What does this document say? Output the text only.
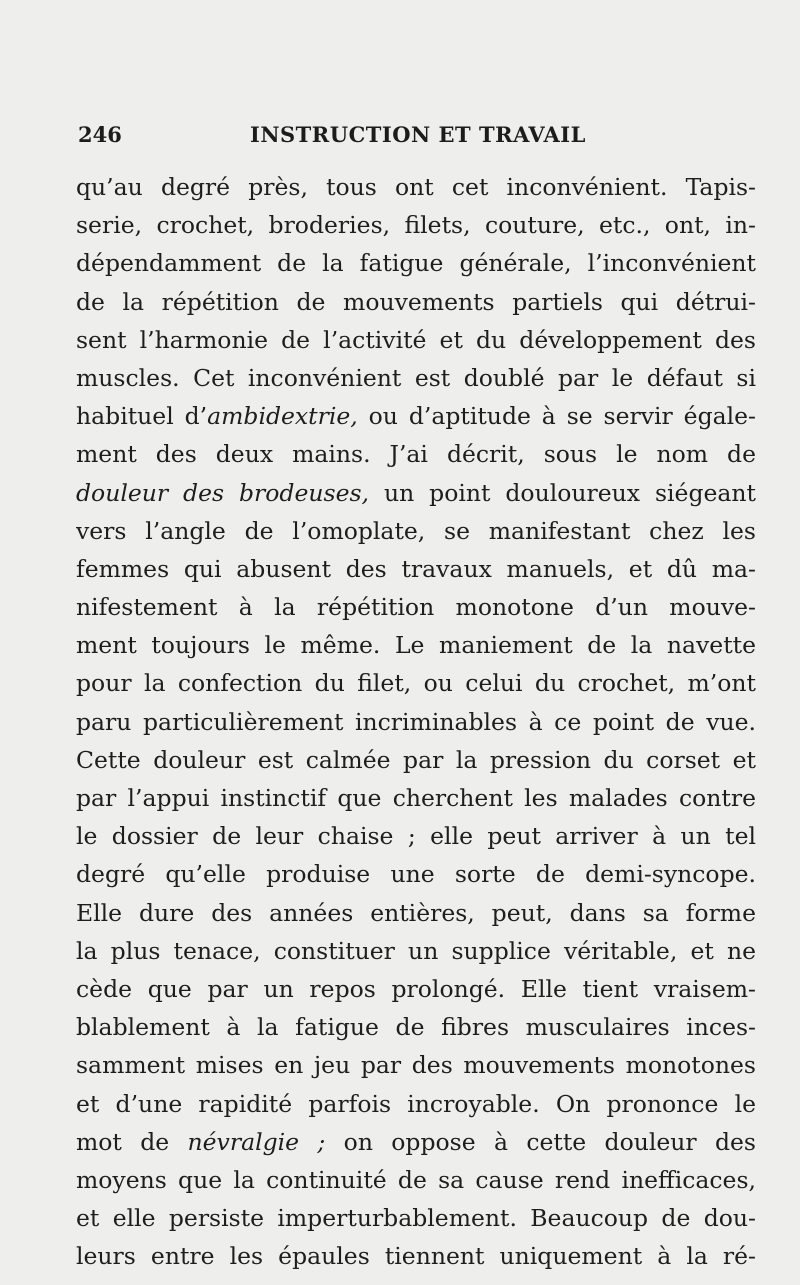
246	INSTRUCTION ET TRAVAIL
qu’au degré près, tous ont cet inconvénient. Tapis-
serie, crochet, broderies, filets, couture, etc., ont, in-
dépendamment de la fatigue générale, l’inconvénient
de la répétition de mouvements partiels qui détrui-
sent l’harmonie de l’activité et du développement des
muscles. Cet inconvénient est doublé par le défaut si
habituel d’ambidextrie, ou d’aptitude à se servir égale-
ment des deux mains. J’ai décrit, sous le nom de
douleur des brodeuses, un point douloureux siégeant
vers l’angle de l’omoplate, se manifestant chez les
femmes qui abusent des travaux manuels, et dû ma-
nifestement à la répétition monotone d’un mouve-
ment toujours le même. Le maniement de la navette
pour la confection du filet, ou celui du crochet, m’ont
paru particulièrement incriminables à ce point de vue.
Cette douleur est calmée par la pression du corset et
par l’appui instinctif que cherchent les malades contre
le dossier de leur chaise ; elle peut arriver à un tel
degré qu’elle produise une sorte de demi-syncope.
Elle dure des années entières, peut, dans sa forme
la plus tenace, constituer un supplice véritable, et ne
cède que par un repos prolongé. Elle tient vraisem-
blablement à la fatigue de fibres musculaires inces-
samment mises en jeu par des mouvements monotones
et d’une rapidité parfois incroyable. On prononce le
mot de névralgie ; on oppose à cette douleur des
moyens que la continuité de sa cause rend inefficaces,
et elle persiste imperturbablement. Beaucoup de dou-
leurs entre les épaules tiennent uniquement à la ré-
